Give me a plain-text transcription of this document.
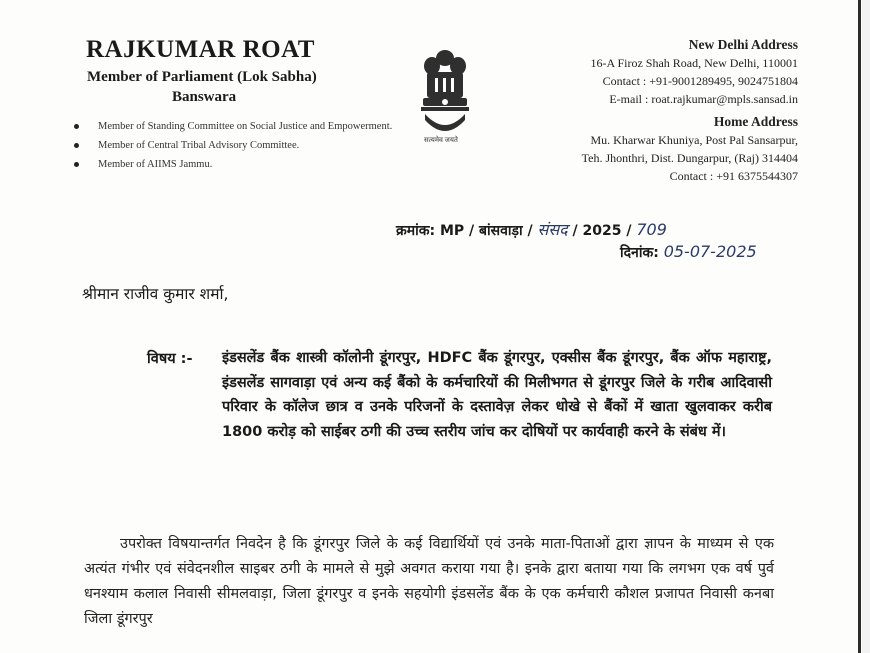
RAJKUMAR ROAT
Member of Parliament (Lok Sabha)
Banswara
Member of Standing Committee on Social Justice and Empowerment.
Member of Central Tribal Advisory Committee.
Member of AIIMS Jammu.
सत्यमेव जयते
New Delhi Address
16-A Firoz Shah Road, New Delhi, 110001
Contact : +91-9001289495, 9024751804
E-mail : roat.rajkumar@mpls.sansad.in
Home Address
Mu. Kharwar Khuniya, Post Pal Sansarpur,
Teh. Jhonthri, Dist. Dungarpur, (Raj) 314404
Contact : +91 6375544307
क्रमांक: MP / बांसवाड़ा / संसद / 2025 / 709
दिनांक: 05-07-2025
श्रीमान राजीव कुमार शर्मा,
विषय :- इंडसलेंड बैंक शास्त्री कॉलोनी डूंगरपुर, HDFC बैंक डूंगरपुर, एक्सीस बैंक डूंगरपुर, बैंक ऑफ महाराष्ट्र, इंडसलेंड सागवाड़ा एवं अन्य कई बैंको के कर्मचारियों की मिलीभगत से डूंगरपुर जिले के गरीब आदिवासी परिवार के कॉलेज छात्र व उनके परिजनों के दस्तावेज़ लेकर धोखे से बैंकों में खाता खुलवाकर करीब 1800 करोड़ को साईबर ठगी की उच्च स्तरीय जांच कर दोषियों पर कार्यवाही करने के संबंध में।

उपरोक्त विषयान्तर्गत निवदेन है कि डूंगरपुर जिले के कई विद्यार्थियों एवं उनके माता-पिताओं द्वारा ज्ञापन के माध्यम से एक अत्यंत गंभीर एवं संवेदनशील साइबर ठगी के मामले से मुझे अवगत कराया गया है। इनके द्वारा बताया गया कि लगभग एक वर्ष पुर्व धनश्याम कलाल निवासी सीमलवाड़ा, जिला डूंगरपुर व इनके सहयोगी इंडसलेंड बैंक के एक कर्मचारी कौशल प्रजापत निवासी कनबा जिला डूंगरपुर
